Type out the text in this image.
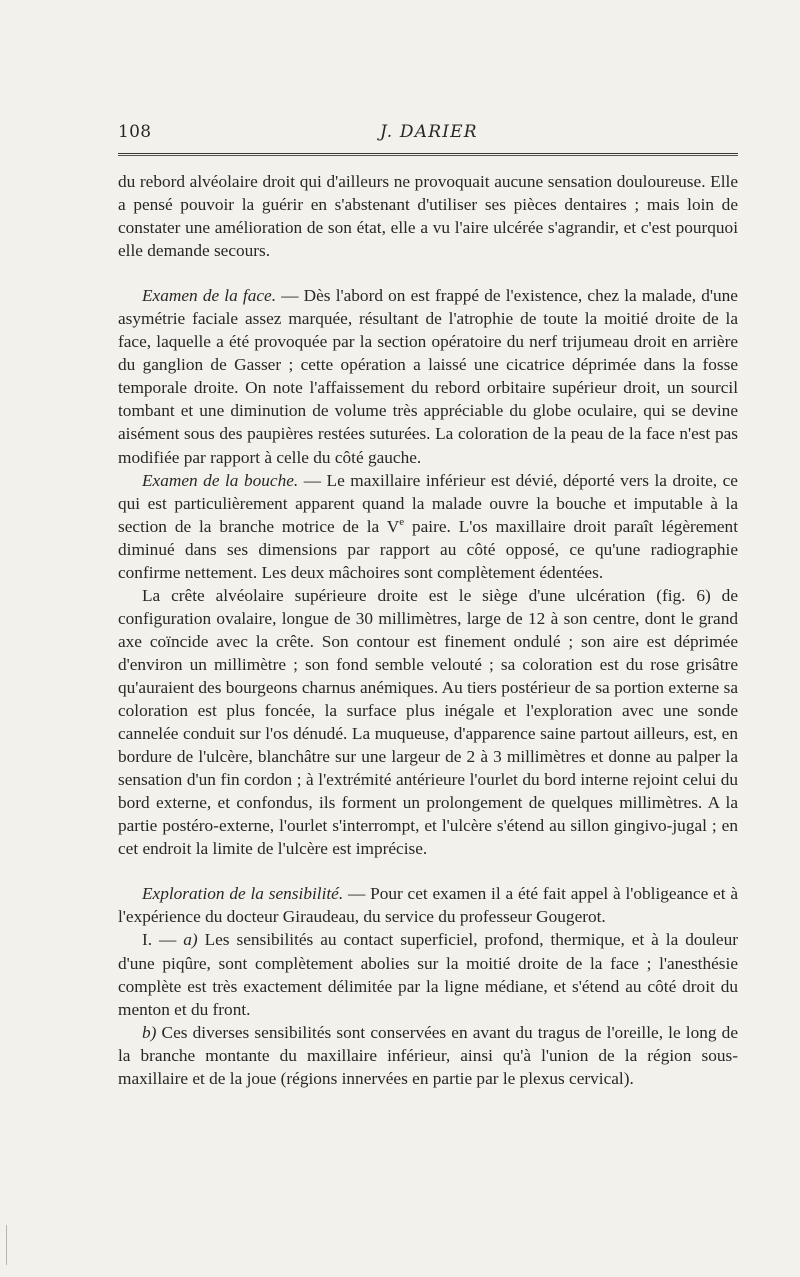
108	J. DARIER

du rebord alvéolaire droit qui d'ailleurs ne provoquait aucune sensation douloureuse. Elle a pensé pouvoir la guérir en s'abstenant d'utiliser ses pièces dentaires ; mais loin de constater une amélioration de son état, elle a vu l'aire ulcérée s'agrandir, et c'est pourquoi elle demande secours.

Examen de la face. — Dès l'abord on est frappé de l'existence, chez la malade, d'une asymétrie faciale assez marquée, résultant de l'atrophie de toute la moitié droite de la face, laquelle a été provoquée par la section opératoire du nerf trijumeau droit en arrière du ganglion de Gasser ; cette opération a laissé une cicatrice déprimée dans la fosse temporale droite. On note l'affaissement du rebord orbitaire supérieur droit, un sourcil tombant et une diminution de volume très appréciable du globe oculaire, qui se devine aisément sous des paupières restées suturées. La coloration de la peau de la face n'est pas modifiée par rapport à celle du côté gauche.

Examen de la bouche. — Le maxillaire inférieur est dévié, déporté vers la droite, ce qui est particulièrement apparent quand la malade ouvre la bouche et imputable à la section de la branche motrice de la Ve paire. L'os maxillaire droit paraît légèrement diminué dans ses dimensions par rapport au côté opposé, ce qu'une radiographie confirme nettement. Les deux mâchoires sont complètement édentées.

La crête alvéolaire supérieure droite est le siège d'une ulcération (fig. 6) de configuration ovalaire, longue de 30 millimètres, large de 12 à son centre, dont le grand axe coïncide avec la crête. Son contour est finement ondulé ; son aire est déprimée d'environ un millimètre ; son fond semble velouté ; sa coloration est du rose grisâtre qu'auraient des bourgeons charnus anémiques. Au tiers postérieur de sa portion externe sa coloration est plus foncée, la surface plus inégale et l'exploration avec une sonde cannelée conduit sur l'os dénudé. La muqueuse, d'apparence saine partout ailleurs, est, en bordure de l'ulcère, blanchâtre sur une largeur de 2 à 3 millimètres et donne au palper la sensation d'un fin cordon ; à l'extrémité antérieure l'ourlet du bord interne rejoint celui du bord externe, et confondus, ils forment un prolongement de quelques millimètres. A la partie postéro-externe, l'ourlet s'interrompt, et l'ulcère s'étend au sillon gingivo-jugal ; en cet endroit la limite de l'ulcère est imprécise.

Exploration de la sensibilité. — Pour cet examen il a été fait appel à l'obligeance et à l'expérience du docteur Giraudeau, du service du professeur Gougerot.

I. — a) Les sensibilités au contact superficiel, profond, thermique, et à la douleur d'une piqûre, sont complètement abolies sur la moitié droite de la face ; l'anesthésie complète est très exactement délimitée par la ligne médiane, et s'étend au côté droit du menton et du front.

b) Ces diverses sensibilités sont conservées en avant du tragus de l'oreille, le long de la branche montante du maxillaire inférieur, ainsi qu'à l'union de la région sous-maxillaire et de la joue (régions innervées en partie par le plexus cervical).
